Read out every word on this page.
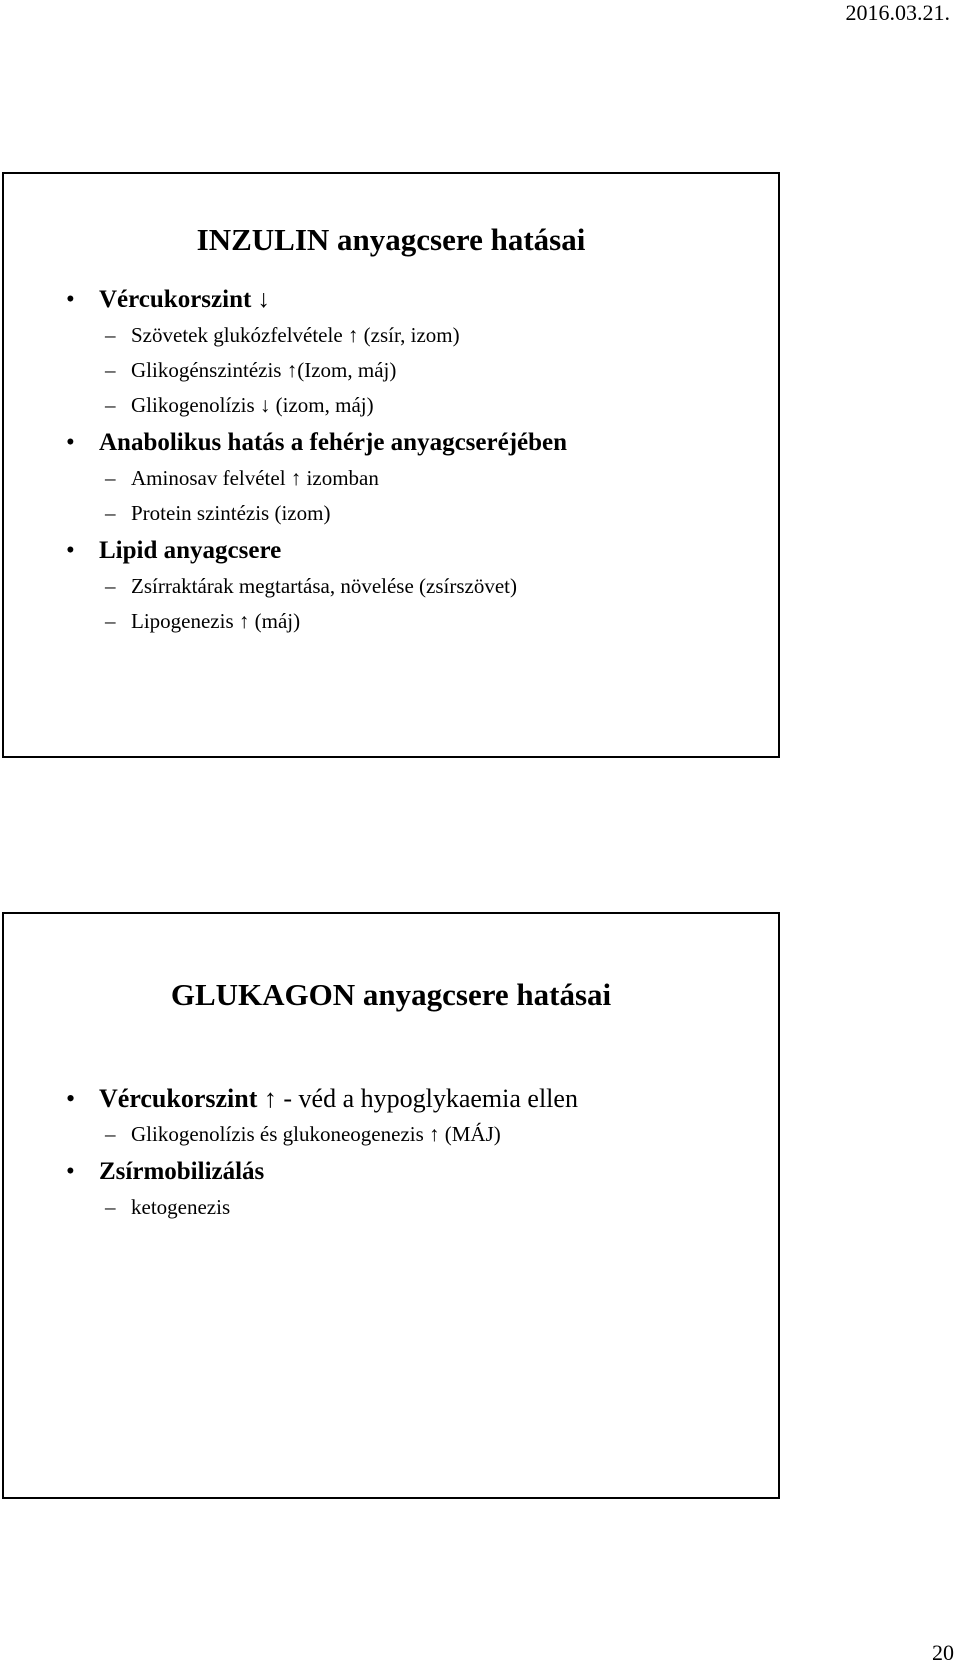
2016.03.21.
INZULIN anyagcsere hatásai
• Vércukorszint ↓
– Szövetek glukózfelvétele ↑ (zsír, izom)
– Glikogénszintézis ↑(Izom, máj)
– Glikogenolízis ↓ (izom, máj)
• Anabolikus hatás a fehérje anyagcseréjében
– Aminosav felvétel ↑ izomban
– Protein szintézis (izom)
• Lipid anyagcsere
– Zsírraktárak megtartása, növelése (zsírszövet)
– Lipogenezis ↑ (máj)
GLUKAGON anyagcsere hatásai
• Vércukorszint ↑ - véd a hypoglykaemia ellen
– Glikogenolízis és glukoneogenezis ↑ (MÁJ)
• Zsírmobilizálás
– ketogenezis
20
